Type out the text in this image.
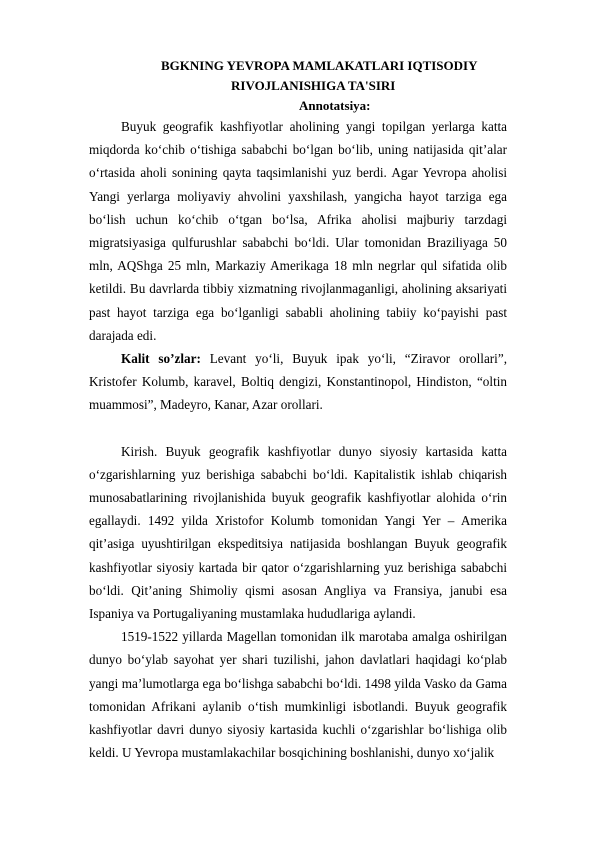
BGKNING YEVROPA MAMLAKATLARI IQTISODIY
RIVOJLANISHIGA TA'SIRI
Annotatsiya:

Buyuk geografik kashfiyotlar aholining yangi topilgan yerlarga katta miqdorda ko‘chib o‘tishiga sababchi bo‘lgan bo‘lib, uning natijasida qit’alar o‘rtasida aholi sonining qayta taqsimlanishi yuz berdi. Agar Yevropa aholisi Yangi yerlarga moliyaviy ahvolini yaxshilash, yangicha hayot tarziga ega bo‘lish uchun ko‘chib o‘tgan bo‘lsa, Afrika aholisi majburiy tarzdagi migratsiyasiga qulfurushlar sababchi bo‘ldi. Ular tomonidan Braziliyaga 50 mln, AQShga 25 mln, Markaziy Amerikaga 18 mln negrlar qul sifatida olib ketildi. Bu davrlarda tibbiy xizmatning rivojlanmaganligi, aholining aksariyati past hayot tarziga ega bo‘lganligi sababli aholining tabiiy ko‘payishi past darajada edi.

Kalit so’zlar: Levant yo‘li, Buyuk ipak yo‘li, “Ziravor orollari”, Kristofer Kolumb, karavel, Boltiq dengizi, Konstantinopol, Hindiston, “oltin muammosi”, Madeyro, Kanar, Azar orollari.

Kirish. Buyuk geografik kashfiyotlar dunyo siyosiy kartasida katta o‘zgarishlarning yuz berishiga sababchi bo‘ldi. Kapitalistik ishlab chiqarish munosabatlarining rivojlanishida buyuk geografik kashfiyotlar alohida o‘rin egallaydi. 1492 yilda Xristofor Kolumb tomonidan Yangi Yer – Amerika qit’asiga uyushtirilgan ekspeditsiya natijasida boshlangan Buyuk geografik kashfiyotlar siyosiy kartada bir qator o‘zgarishlarning yuz berishiga sababchi bo‘ldi. Qit’aning Shimoliy qismi asosan Angliya va Fransiya, janubi esa Ispaniya va Portugaliyaning mustamlaka hududlariga aylandi.

1519-1522 yillarda Magellan tomonidan ilk marotaba amalga oshirilgan dunyo bo‘ylab sayohat yer shari tuzilishi, jahon davlatlari haqidagi ko‘plab yangi ma’lumotlarga ega bo‘lishga sababchi bo‘ldi. 1498 yilda Vasko da Gama tomonidan Afrikani aylanib o‘tish mumkinligi isbotlandi. Buyuk geografik kashfiyotlar davri dunyo siyosiy kartasida kuchli o‘zgarishlar bo‘lishiga olib keldi. U Yevropa mustamlakachilar bosqichining boshlanishi, dunyo xo‘jalik
